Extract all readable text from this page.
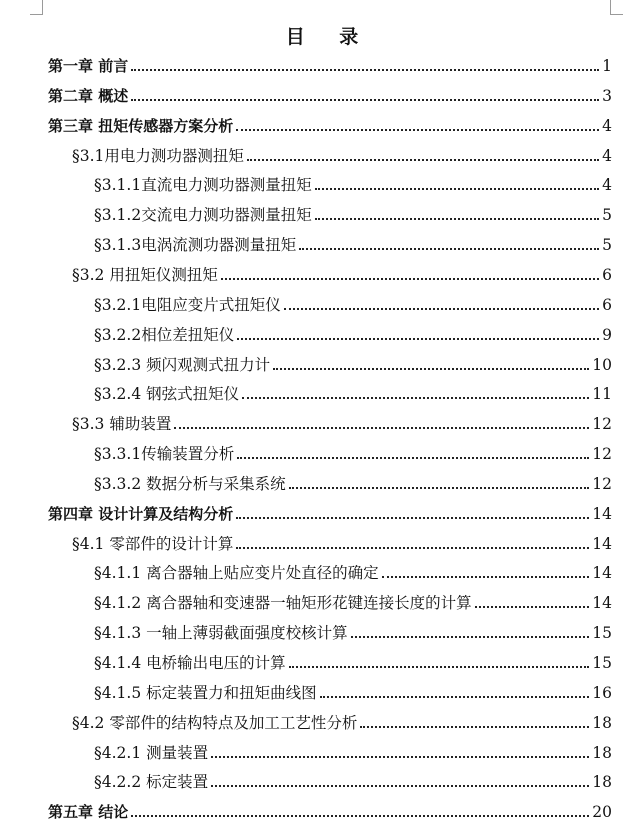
目 录
第一章 前言	1
第二章 概述	3
第三章 扭矩传感器方案分析	4
§3.1用电力测功器测扭矩	4
§3.1.1直流电力测功器测量扭矩	4
§3.1.2交流电力测功器测量扭矩	5
§3.1.3电涡流测功器测量扭矩	5
§3.2 用扭矩仪测扭矩	6
§3.2.1电阻应变片式扭矩仪	6
§3.2.2相位差扭矩仪	9
§3.2.3 频闪观测式扭力计	10
§3.2.4 钢弦式扭矩仪	11
§3.3 辅助装置	12
§3.3.1传输装置分析	12
§3.3.2 数据分析与采集系统	12
第四章 设计计算及结构分析	14
§4.1 零部件的设计计算	14
§4.1.1 离合器轴上贴应变片处直径的确定	14
§4.1.2 离合器轴和变速器一轴矩形花键连接长度的计算	14
§4.1.3 一轴上薄弱截面强度校核计算	15
§4.1.4 电桥输出电压的计算	15
§4.1.5 标定装置力和扭矩曲线图	16
§4.2 零部件的结构特点及加工工艺性分析	18
§4.2.1 测量装置	18
§4.2.2 标定装置	18
第五章 结论	20
